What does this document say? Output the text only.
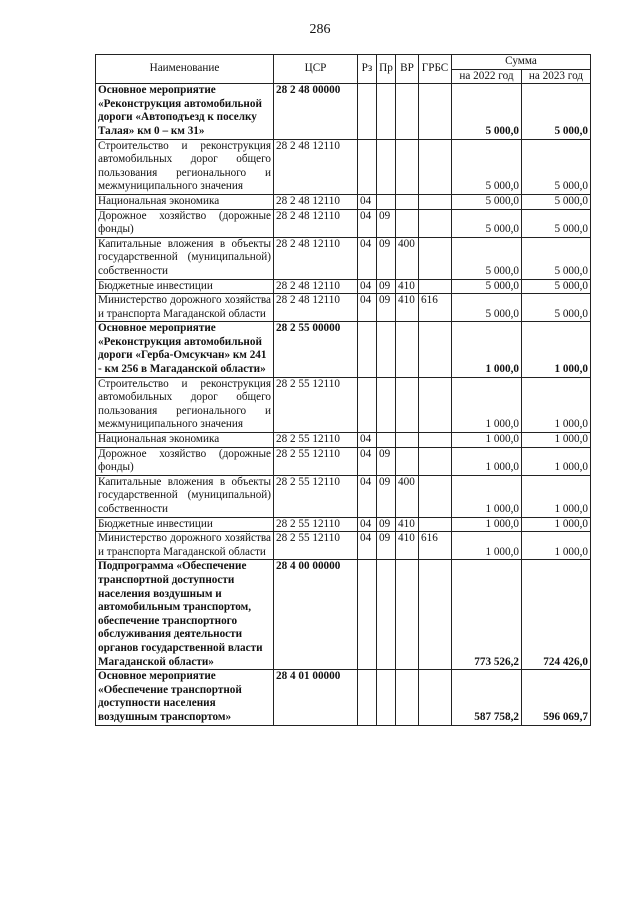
286
Наименование	ЦСР	Рз	Пр	ВР	ГРБС	Сумма	
						на 2022 год	на 2023 год
Основное мероприятие «Реконструкция автомобильной дороги «Автоподъезд к поселку Талая» км 0 – км 31»	28 2 48 00000					5 000,0	5 000,0
Строительство и реконструкция автомобильных дорог общего пользования регионального и межмуниципального значения	28 2 48 12110					5 000,0	5 000,0
Национальная экономика	28 2 48 12110	04				5 000,0	5 000,0
Дорожное хозяйство (дорожные фонды)	28 2 48 12110	04	09			5 000,0	5 000,0
Капитальные вложения в объекты государственной (муниципальной) собственности	28 2 48 12110	04	09	400		5 000,0	5 000,0
Бюджетные инвестиции	28 2 48 12110	04	09	410		5 000,0	5 000,0
Министерство дорожного хозяйства и транспорта Магаданской области	28 2 48 12110	04	09	410	616	5 000,0	5 000,0
Основное мероприятие «Реконструкция автомобильной дороги «Герба-Омсукчан» км 241 - км 256 в Магаданской области»	28 2 55 00000					1 000,0	1 000,0
Строительство и реконструкция автомобильных дорог общего пользования регионального и межмуниципального значения	28 2 55 12110					1 000,0	1 000,0
Национальная экономика	28 2 55 12110	04				1 000,0	1 000,0
Дорожное хозяйство (дорожные фонды)	28 2 55 12110	04	09			1 000,0	1 000,0
Капитальные вложения в объекты государственной (муниципальной) собственности	28 2 55 12110	04	09	400		1 000,0	1 000,0
Бюджетные инвестиции	28 2 55 12110	04	09	410		1 000,0	1 000,0
Министерство дорожного хозяйства и транспорта Магаданской области	28 2 55 12110	04	09	410	616	1 000,0	1 000,0
Подпрограмма «Обеспечение транспортной доступности населения воздушным и автомобильным транспортом, обеспечение транспортного обслуживания деятельности органов государственной власти Магаданской области»	28 4 00 00000					773 526,2	724 426,0
Основное мероприятие «Обеспечение транспортной доступности населения воздушным транспортом»	28 4 01 00000					587 758,2	596 069,7
